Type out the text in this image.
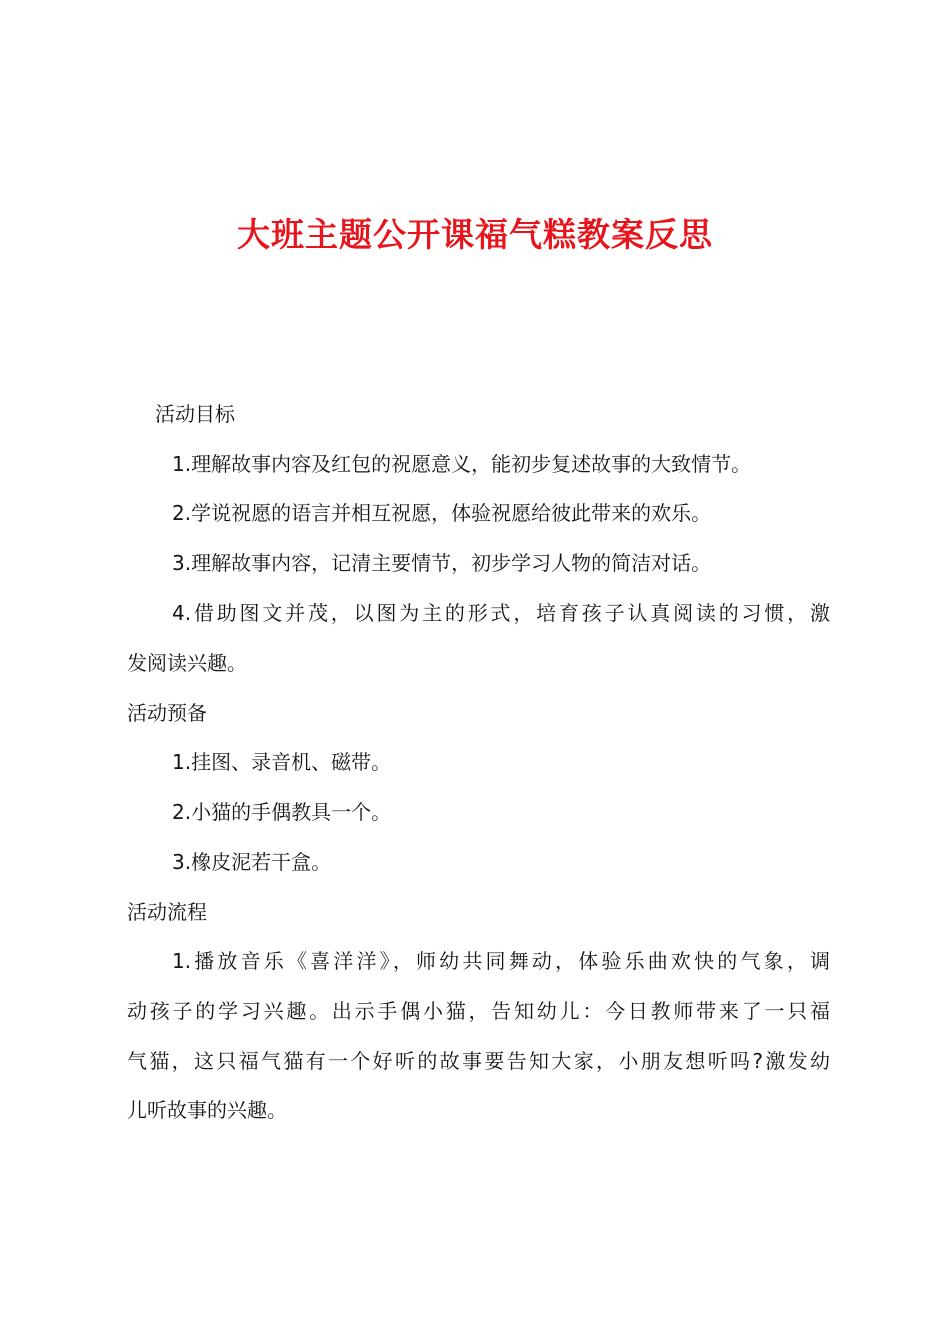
大班主题公开课福气糕教案反思
活动目标
1.理解故事内容及红包的祝愿意义，能初步复述故事的大致情节。
2.学说祝愿的语言并相互祝愿，体验祝愿给彼此带来的欢乐。
3.理解故事内容，记清主要情节，初步学习人物的简洁对话。
4.借助图文并茂，以图为主的形式，培育孩子认真阅读的习惯，激
发阅读兴趣。
活动预备
1.挂图、录音机、磁带。
2.小猫的手偶教具一个。
3.橡皮泥若干盒。
活动流程
1.播放音乐《喜洋洋》，师幼共同舞动，体验乐曲欢快的气象，调
动孩子的学习兴趣。出示手偶小猫，告知幼儿：今日教师带来了一只福
气猫，这只福气猫有一个好听的故事要告知大家，小朋友想听吗?激发幼
儿听故事的兴趣。
